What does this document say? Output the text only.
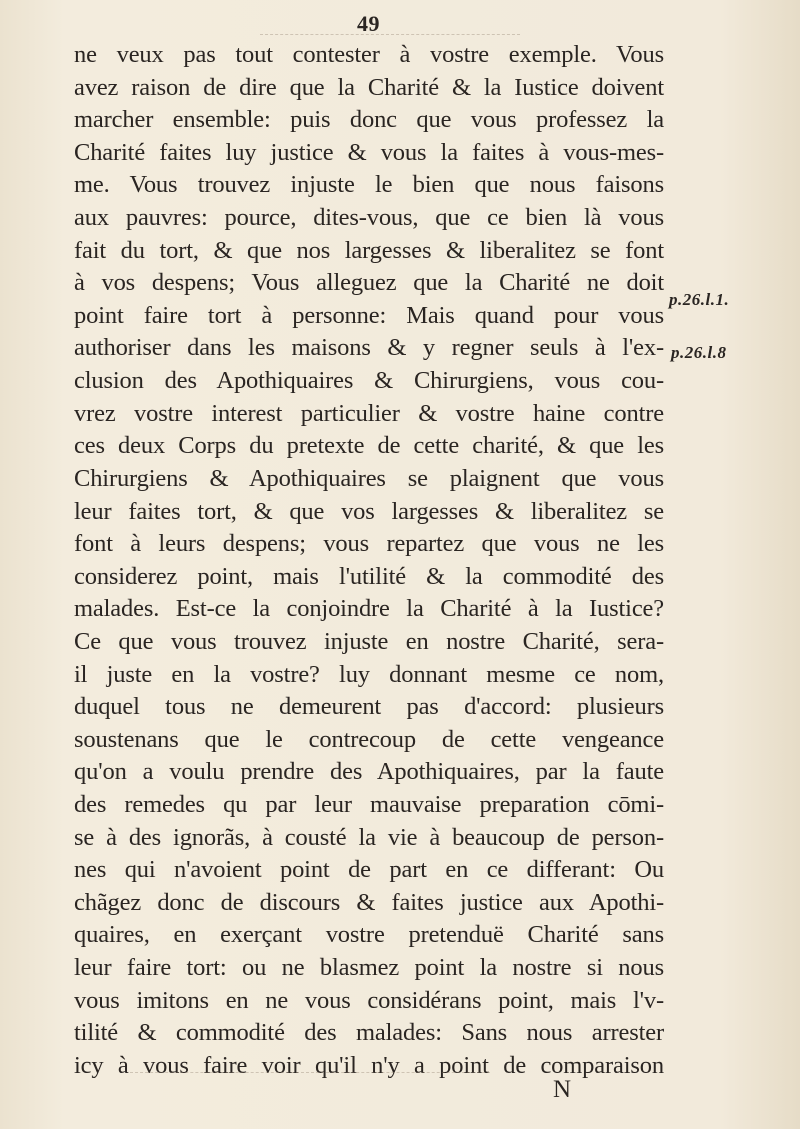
49
ne veux pas tout contester à vostre exemple. Vous
avez raison de dire que la Charité & la Iustice doivent
marcher ensemble: puis donc que vous professez la
Charité faites luy justice & vous la faites à vous-mes-
me. Vous trouvez injuste le bien que nous faisons
aux pauvres: pource, dites-vous, que ce bien là vous
fait du tort, & que nos largesses & liberalitez se font
à vos despens; Vous alleguez que la Charité ne doit
point faire tort à personne: Mais quand pour vous
authoriser dans les maisons & y regner seuls à l'ex-
clusion des Apothiquaires & Chirurgiens, vous cou-
vrez vostre interest particulier & vostre haine contre
ces deux Corps du pretexte de cette charité, & que les
Chirurgiens & Apothiquaires se plaignent que vous
leur faites tort, & que vos largesses & liberalitez se
font à leurs despens; vous repartez que vous ne les
considerez point, mais l'utilité & la commodité des
malades. Est-ce la conjoindre la Charité à la Iustice?
Ce que vous trouvez injuste en nostre Charité, sera-
il juste en la vostre? luy donnant mesme ce nom,
duquel tous ne demeurent pas d'accord: plusieurs
soustenans que le contrecoup de cette vengeance
qu'on a voulu prendre des Apothiquaires, par la faute
des remedes qu par leur mauvaise preparation cōmi-
se à des ignorãs, à cousté la vie à beaucoup de person-
nes qui n'avoient point de part en ce differant: Ou
chãgez donc de discours & faites justice aux Apothi-
quaires, en exerçant vostre pretenduë Charité sans
leur faire tort: ou ne blasmez point la nostre si nous
vous imitons en ne vous considérans point, mais l'v-
tilité & commodité des malades: Sans nous arrester
icy à vous faire voir qu'il n'y a point de comparaison
p.26.l.1.
p.26.l.8
N
